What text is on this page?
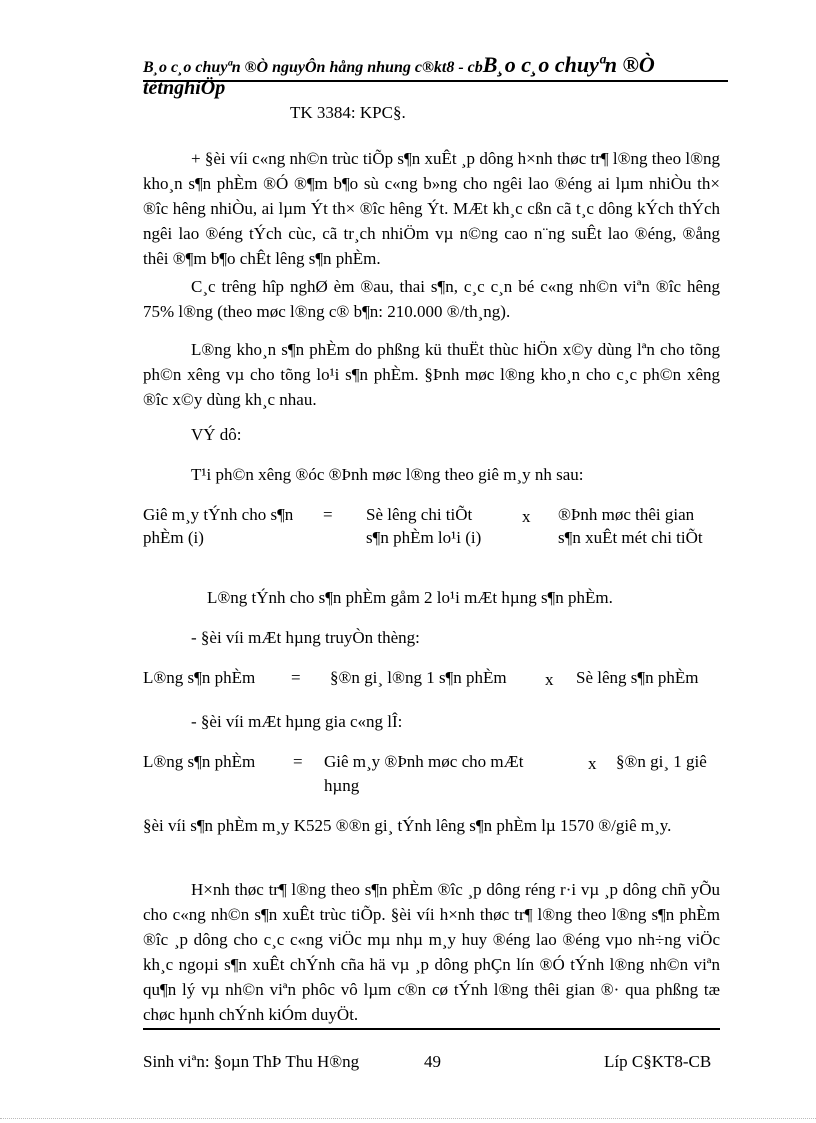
B¸o c¸o chuyªn ®Ò nguyÔn hång nhung c®kt8 - cbB¸o c¸o chuyªn ®Ò
tètnghiÖp
TK 3384: KPC§.
+ §èi víi c«ng nh©n trùc tiÕp s¶n xuÊt ¸p dông h×nh thøc tr¶ l®ng theo l®ng kho¸n s¶n phÈm ®Ó ®¶m b¶o sù c«ng b»ng cho ngêi lao ®éng ai lµm nhiÒu th× ®îc hêng nhiÒu, ai lµm Ýt th× ®îc hêng Ýt. MÆt kh¸c cßn cã t¸c dông kÝch thÝch ngêi lao ®éng tÝch cùc, cã tr¸ch nhiÖm vµ n©ng cao n¨ng suÊt lao ®éng, ®ång thêi ®¶m b¶o chÊt lêng s¶n phÈm.
C¸c trêng hîp nghØ èm ®au, thai s¶n, c¸c c¸n bé c«ng nh©n viªn ®îc hêng 75% l®ng (theo møc l®ng c® b¶n: 210.000 ®/th¸ng).
L®ng kho¸n s¶n phÈm do phßng kü thuËt thùc hiÖn x©y dùng lªn cho tõng ph©n xêng vµ cho tõng lo¹i s¶n phÈm. §Þnh møc l®ng kho¸n cho c¸c ph©n xêng ®îc x©y dùng kh¸c nhau.
VÝ dô:
T¹i ph©n xêng ®óc ®Þnh møc l®ng theo giê m¸y nh sau:
Giê m¸y tÝnh cho s¶n
phÈm (i)
= Sè lêng chi tiÕt
s¶n phÈm lo¹i (i)
x ®Þnh møc thêi gian
s¶n xuÊt mét chi tiÕt
L®ng tÝnh cho s¶n phÈm gåm 2 lo¹i mÆt hµng s¶n phÈm.
- §èi víi mÆt hµng truyÒn thèng:
L®ng s¶n phÈm = §®n gi¸ l®ng 1 s¶n phÈm x Sè lêng s¶n phÈm
- §èi víi mÆt hµng gia c«ng lÎ:
L®ng s¶n phÈm = Giê m¸y ®Þnh møc cho mÆt
hµng
x §®n gi¸ 1 giê
§èi víi s¶n phÈm m¸y K525 ®®n gi¸ tÝnh lêng s¶n phÈm lµ 1570 ®/giê m¸y.
H×nh thøc tr¶ l®ng theo s¶n phÈm ®îc ¸p dông réng r·i vµ ¸p dông chñ yÕu cho c«ng nh©n s¶n xuÊt trùc tiÕp. §èi víi h×nh thøc tr¶ l®ng theo l®ng s¶n phÈm ®îc ¸p dông cho c¸c c«ng viÖc mµ nhµ m¸y huy ®éng lao ®éng vµo nh÷ng viÖc kh¸c ngoµi s¶n xuÊt chÝnh cña hä vµ ¸p dông phÇn lín ®Ó tÝnh l®ng nh©n viªn qu¶n lý vµ nh©n viªn phôc vô lµm c®n cø tÝnh l®ng thêi gian ®· qua phßng tæ chøc hµnh chÝnh kiÓm duyÖt.
Sinh viªn: §oµn ThÞ Thu H®ng	49	Líp C§KT8-CB
